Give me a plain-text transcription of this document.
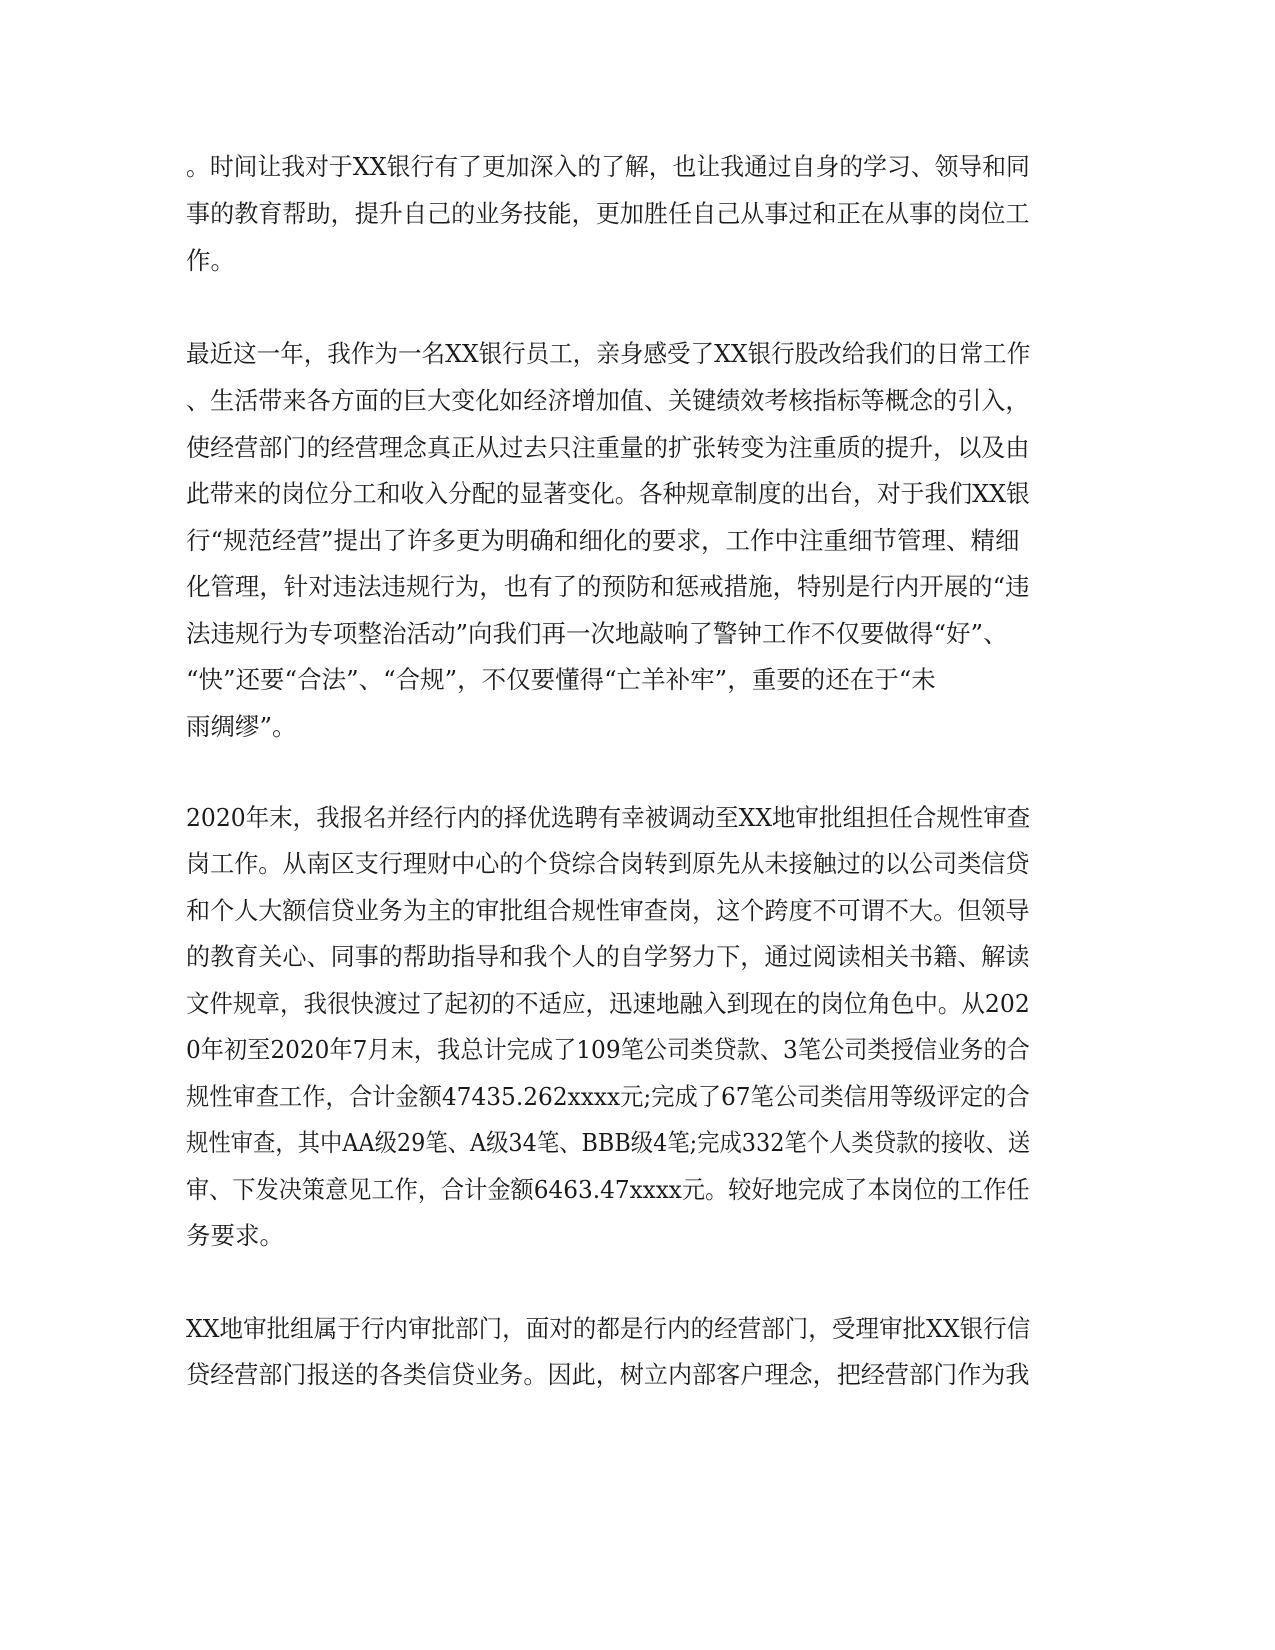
。时间让我对于XX银行有了更加深入的了解，也让我通过自身的学习、领导和同
事的教育帮助，提升自己的业务技能，更加胜任自己从事过和正在从事的岗位工
作。
最近这一年，我作为一名XX银行员工，亲身感受了XX银行股改给我们的日常工作
、生活带来各方面的巨大变化如经济增加值、关键绩效考核指标等概念的引入，
使经营部门的经营理念真正从过去只注重量的扩张转变为注重质的提升，以及由
此带来的岗位分工和收入分配的显著变化。各种规章制度的出台，对于我们XX银
行“规范经营”提出了许多更为明确和细化的要求，工作中注重细节管理、精细
化管理，针对违法违规行为，也有了的预防和惩戒措施，特别是行内开展的“违
法违规行为专项整治活动”向我们再一次地敲响了警钟工作不仅要做得“好”、
“快”还要“合法”、“合规”，不仅要懂得“亡羊补牢”，重要的还在于“未
雨绸缪”。
2020年末，我报名并经行内的择优选聘有幸被调动至XX地审批组担任合规性审查
岗工作。从南区支行理财中心的个贷综合岗转到原先从未接触过的以公司类信贷
和个人大额信贷业务为主的审批组合规性审查岗，这个跨度不可谓不大。但领导
的教育关心、同事的帮助指导和我个人的自学努力下，通过阅读相关书籍、解读
文件规章，我很快渡过了起初的不适应，迅速地融入到现在的岗位角色中。从202
0年初至2020年7月末，我总计完成了109笔公司类贷款、3笔公司类授信业务的合
规性审查工作，合计金额47435.262xxxx元;完成了67笔公司类信用等级评定的合
规性审查，其中AA级29笔、A级34笔、BBB级4笔;完成332笔个人类贷款的接收、送
审、下发决策意见工作，合计金额6463.47xxxx元。较好地完成了本岗位的工作任
务要求。
XX地审批组属于行内审批部门，面对的都是行内的经营部门，受理审批XX银行信
贷经营部门报送的各类信贷业务。因此，树立内部客户理念，把经营部门作为我
